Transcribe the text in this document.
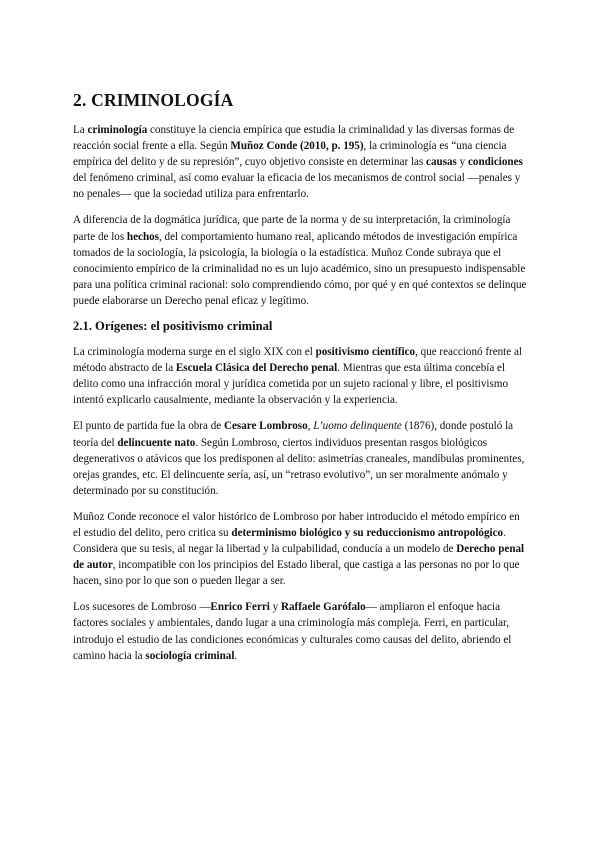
2. CRIMINOLOGÍA

La criminología constituye la ciencia empírica que estudia la criminalidad y las diversas formas de reacción social frente a ella. Según Muñoz Conde (2010, p. 195), la criminología es “una ciencia empírica del delito y de su represión”, cuyo objetivo consiste en determinar las causas y condiciones del fenómeno criminal, así como evaluar la eficacia de los mecanismos de control social —penales y no penales— que la sociedad utiliza para enfrentarlo.

A diferencia de la dogmática jurídica, que parte de la norma y de su interpretación, la criminología parte de los hechos, del comportamiento humano real, aplicando métodos de investigación empírica tomados de la sociología, la psicología, la biología o la estadística. Muñoz Conde subraya que el conocimiento empírico de la criminalidad no es un lujo académico, sino un presupuesto indispensable para una política criminal racional: solo comprendiendo cómo, por qué y en qué contextos se delinque puede elaborarse un Derecho penal eficaz y legítimo.

2.1. Orígenes: el positivismo criminal

La criminología moderna surge en el siglo XIX con el positivismo científico, que reaccionó frente al método abstracto de la Escuela Clásica del Derecho penal. Mientras que esta última concebía el delito como una infracción moral y jurídica cometida por un sujeto racional y libre, el positivismo intentó explicarlo causalmente, mediante la observación y la experiencia.

El punto de partida fue la obra de Cesare Lombroso, L’uomo delinquente (1876), donde postuló la teoría del delincuente nato. Según Lombroso, ciertos individuos presentan rasgos biológicos degenerativos o atávicos que los predisponen al delito: asimetrías craneales, mandíbulas prominentes, orejas grandes, etc. El delincuente sería, así, un “retraso evolutivo”, un ser moralmente anómalo y determinado por su constitución.

Muñoz Conde reconoce el valor histórico de Lombroso por haber introducido el método empírico en el estudio del delito, pero critica su determinismo biológico y su reduccionismo antropológico. Considera que su tesis, al negar la libertad y la culpabilidad, conducía a un modelo de Derecho penal de autor, incompatible con los principios del Estado liberal, que castiga a las personas no por lo que hacen, sino por lo que son o pueden llegar a ser.

Los sucesores de Lombroso —Enrico Ferri y Raffaele Garófalo— ampliaron el enfoque hacia factores sociales y ambientales, dando lugar a una criminología más compleja. Ferri, en particular, introdujo el estudio de las condiciones económicas y culturales como causas del delito, abriendo el camino hacia la sociología criminal.
